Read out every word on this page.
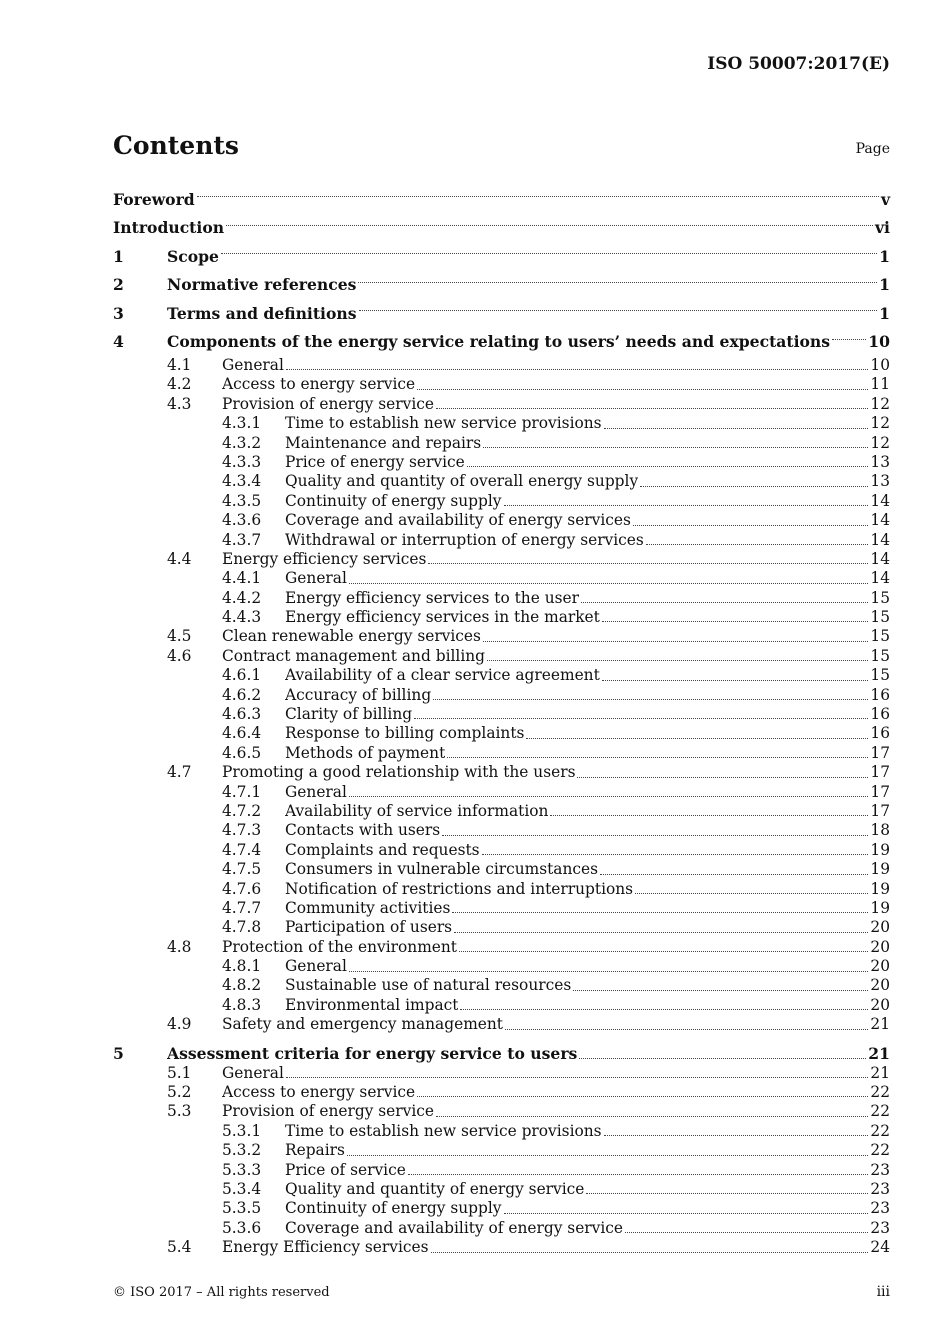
ISO 50007:2017(E)
Contents	Page
Foreword	v
Introduction	vi
1	Scope	1
2	Normative references	1
3	Terms and definitions	1
4	Components of the energy service relating to users’ needs and expectations 10
4.1	General	10
4.2	Access to energy service	11
4.3	Provision of energy service	12
4.3.1	Time to establish new service provisions	12
4.3.2	Maintenance and repairs	12
4.3.3	Price of energy service	13
4.3.4	Quality and quantity of overall energy supply	13
4.3.5	Continuity of energy supply	14
4.3.6	Coverage and availability of energy services	14
4.3.7	Withdrawal or interruption of energy services	14
4.4	Energy efficiency services	14
4.4.1	General	14
4.4.2	Energy efficiency services to the user	15
4.4.3	Energy efficiency services in the market	15
4.5	Clean renewable energy services	15
4.6	Contract management and billing	15
4.6.1	Availability of a clear service agreement	15
4.6.2	Accuracy of billing	16
4.6.3	Clarity of billing	16
4.6.4	Response to billing complaints	16
4.6.5	Methods of payment	17
4.7	Promoting a good relationship with the users	17
4.7.1	General	17
4.7.2	Availability of service information	17
4.7.3	Contacts with users	18
4.7.4	Complaints and requests	19
4.7.5	Consumers in vulnerable circumstances	19
4.7.6	Notification of restrictions and interruptions	19
4.7.7	Community activities	19
4.7.8	Participation of users	20
4.8	Protection of the environment	20
4.8.1	General	20
4.8.2	Sustainable use of natural resources	20
4.8.3	Environmental impact	20
4.9	Safety and emergency management	21
5	Assessment criteria for energy service to users	21
5.1	General	21
5.2	Access to energy service	22
5.3	Provision of energy service	22
5.3.1	Time to establish new service provisions	22
5.3.2	Repairs	22
5.3.3	Price of service	23
5.3.4	Quality and quantity of energy service	23
5.3.5	Continuity of energy supply	23
5.3.6	Coverage and availability of energy service	23
5.4	Energy Efficiency services	24
© ISO 2017 – All rights reserved	iii
